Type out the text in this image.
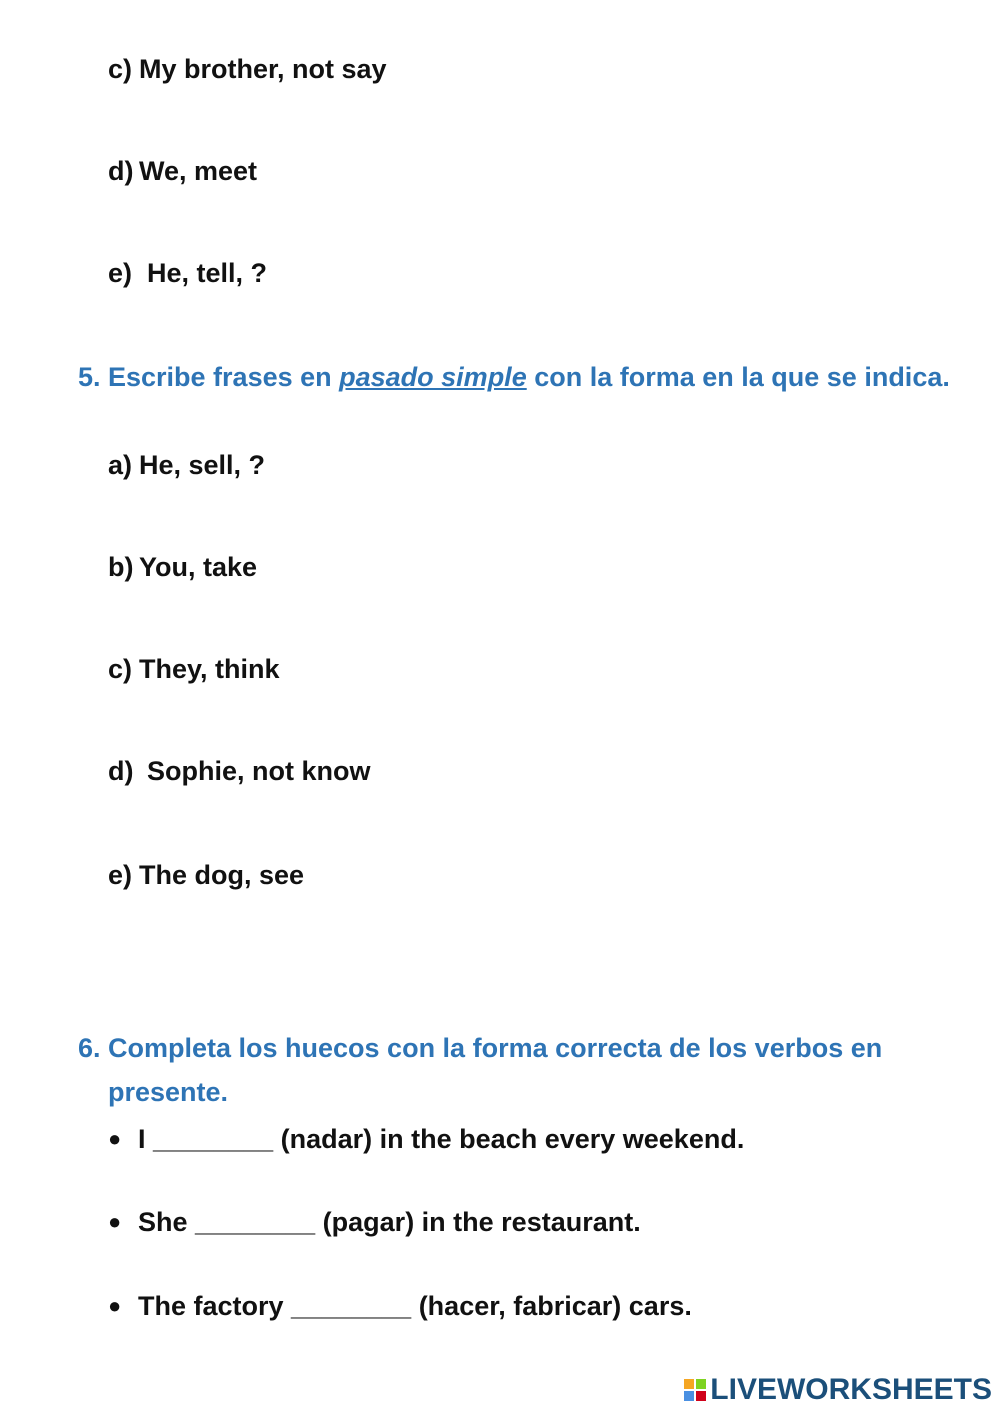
c) My brother, not say
d) We, meet
e) He, tell, ?
5. Escribe frases en pasado simple con la forma en la que se indica.
a) He, sell, ?
b) You, take
c) They, think
d) Sophie, not know
e) The dog, see
6. Completa los huecos con la forma correcta de los verbos en presente.
● I ________ (nadar) in the beach every weekend.
● She ________ (pagar) in the restaurant.
● The factory ________ (hacer, fabricar) cars.
LIVEWORKSHEETS
